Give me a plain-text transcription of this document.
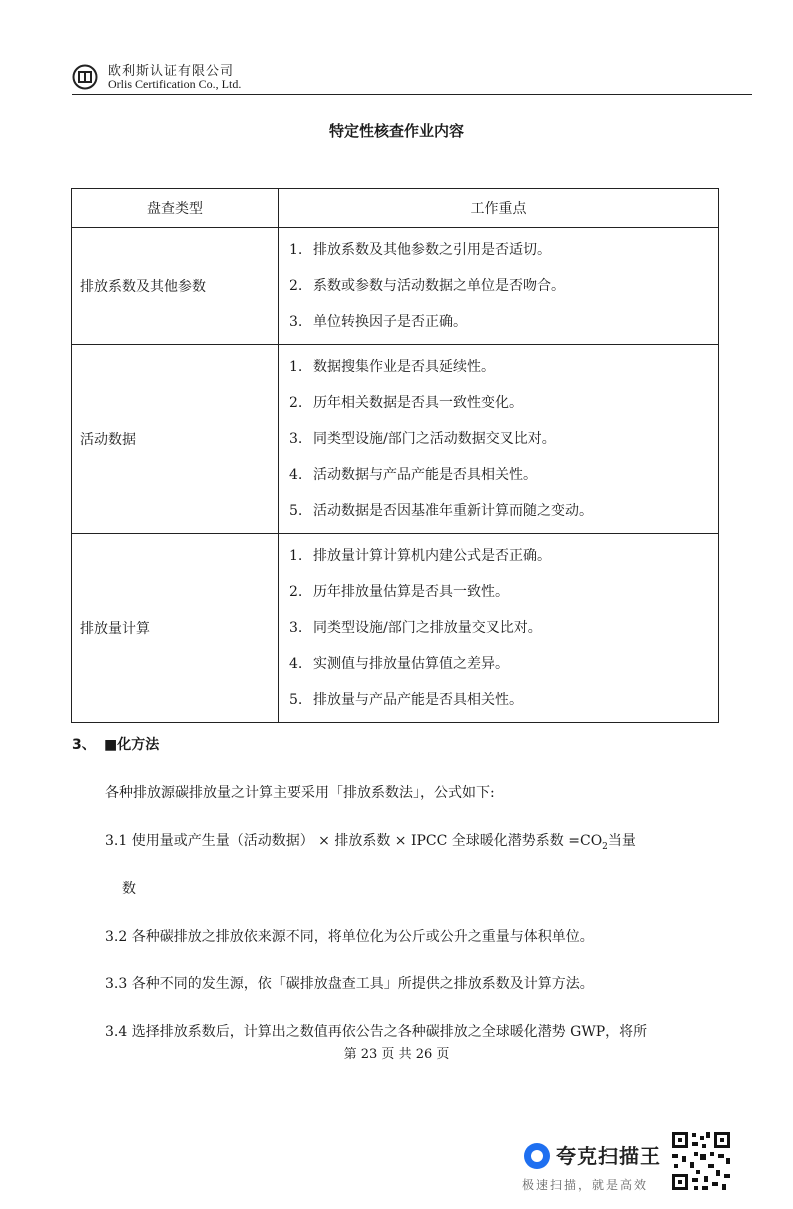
欧利斯认证有限公司
Orlis Certification Co., Ltd.
特定性核查作业内容
盘查类型	工作重点
排放系数及其他参数	1. 排放系数及其他参数之引用是否适切。
2. 系数或参数与活动数据之单位是否吻合。
3. 单位转换因子是否正确。

活动数据	1. 数据搜集作业是否具延续性。
2. 历年相关数据是否具一致性变化。
3. 同类型设施/部门之活动数据交叉比对。
4. 活动数据与产品产能是否具相关性。
5. 活动数据是否因基准年重新计算而随之变动。

排放量计算	1. 排放量计算计算机内建公式是否正确。
2. 历年排放量估算是否具一致性。
3. 同类型设施/部门之排放量交叉比对。
4. 实测值与排放量估算值之差异。
5. 排放量与产品产能是否具相关性。
3、 ■化方法
各种排放源碳排放量之计算主要采用「排放系数法」，公式如下:
3.1 使用量或产生量（活动数据） × 排放系数 × IPCC 全球暖化潜势系数 $=CO_2$当量
数
3.2 各种碳排放之排放依来源不同，将单位化为公斤或公升之重量与体积单位。
3.3 各种不同的发生源，依「碳排放盘查工具」所提供之排放系数及计算方法。
3.4 选择排放系数后，计算出之数值再依公告之各种碳排放之全球暖化潜势 GWP，将所
第 23 页 共 26 页
夸克扫描王
极速扫描，就是高效
